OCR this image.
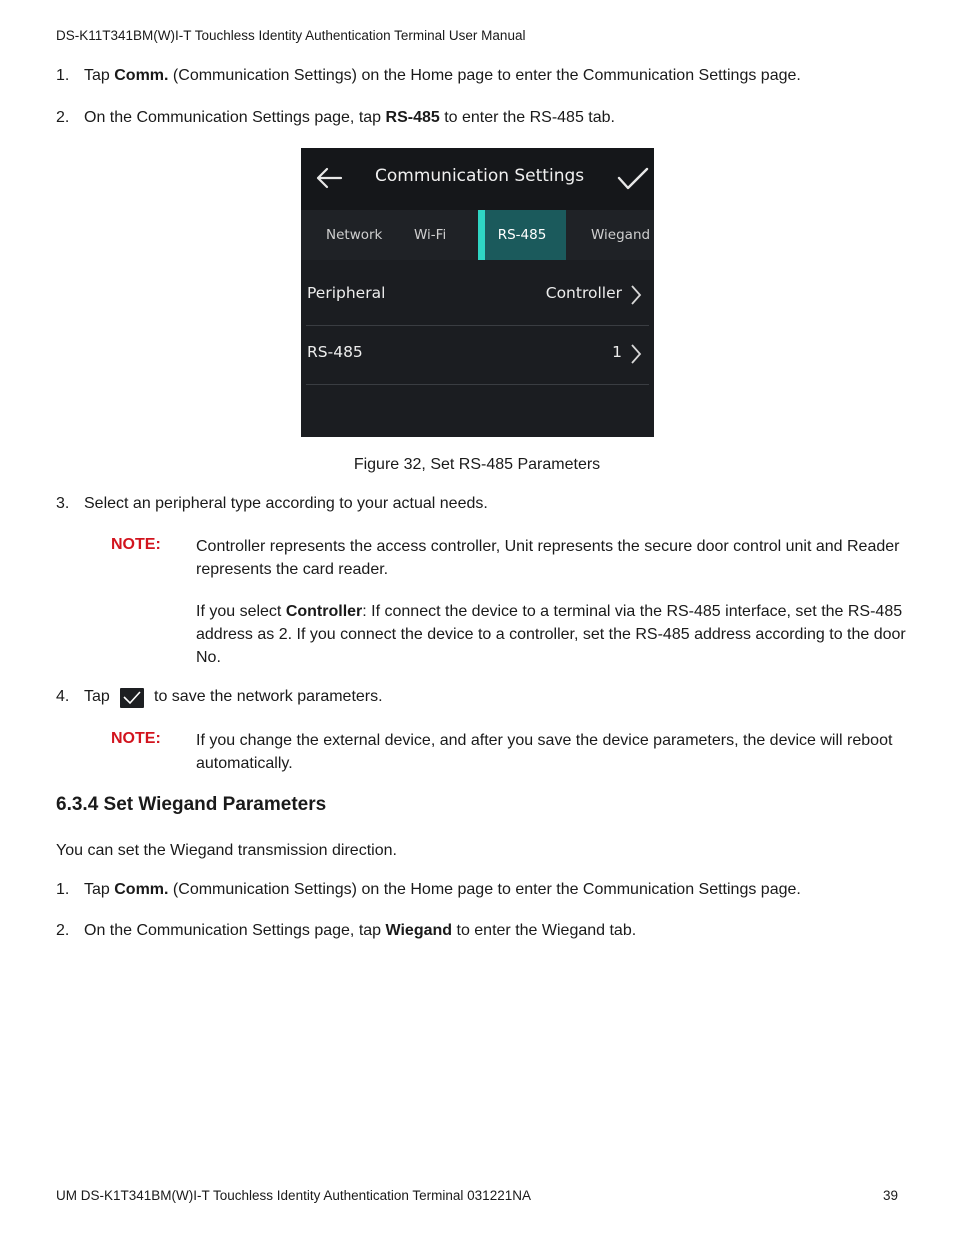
DS-K11T341BM(W)I-T Touchless Identity Authentication Terminal User Manual
1. Tap Comm. (Communication Settings) on the Home page to enter the Communication Settings page.
2. On the Communication Settings page, tap RS-485 to enter the RS-485 tab.
Communication Settings
Network Wi-Fi	RS-485	Wiegand
Peripheral	Controller
RS-485	1
Figure 32, Set RS-485 Parameters
3. Select an peripheral type according to your actual needs.
NOTE: Controller represents the access controller, Unit represents the secure door control unit and Reader represents the card reader.
If you select Controller: If connect the device to a terminal via the RS-485 interface, set the RS-485 address as 2. If you connect the device to a controller, set the RS-485 address according to the door No.
4. Tap	to save the network parameters.
NOTE: If you change the external device, and after you save the device parameters, the device will reboot automatically.
6.3.4 Set Wiegand Parameters
You can set the Wiegand transmission direction.
1. Tap Comm. (Communication Settings) on the Home page to enter the Communication Settings page.
2. On the Communication Settings page, tap Wiegand to enter the Wiegand tab.
UM DS-K1T341BM(W)I-T Touchless Identity Authentication Terminal 031221NA	39
